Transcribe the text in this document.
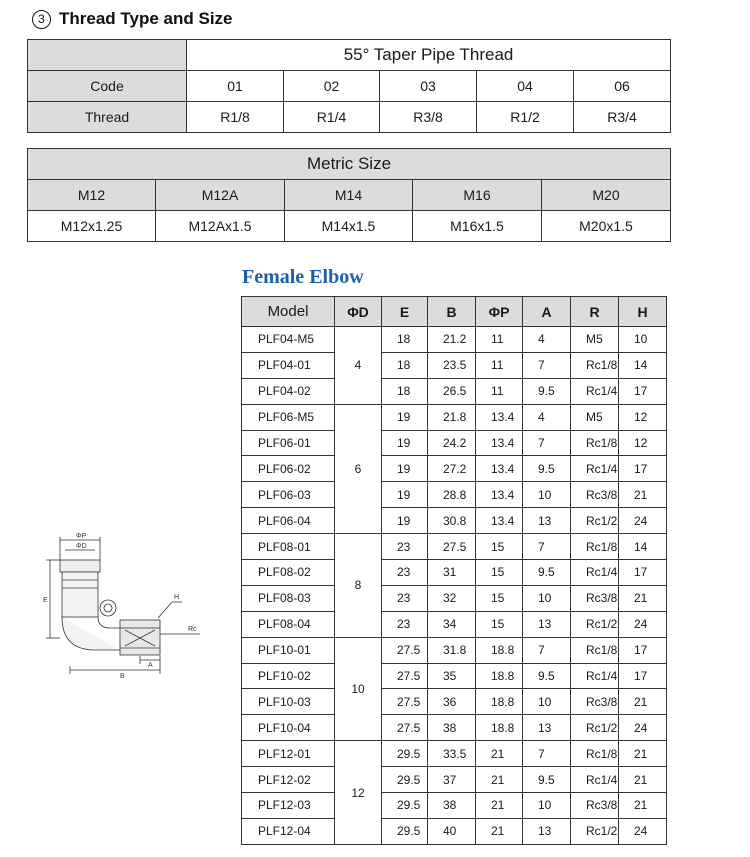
3 Thread Type and Size
	55° Taper Pipe Thread				
Code	01	02	03	04	06
Thread	R1/8	R1/4	R3/8	R1/2	R3/4
Metric Size				
M12	M12A	M14	M16	M20
M12x1.25	M12Ax1.5	M14x1.5	M16x1.5	M20x1.5
Female Elbow
Model	ΦD	E	B	ΦP	A	R	H
PLF04-M5	4	18	21.2	11	4	M5	10
PLF04-01		18	23.5	11	7	Rc1/8	14
PLF04-02		18	26.5	11	9.5	Rc1/4	17
PLF06-M5	6	19	21.8	13.4	4	M5	12
PLF06-01		19	24.2	13.4	7	Rc1/8	12
PLF06-02		19	27.2	13.4	9.5	Rc1/4	17
PLF06-03		19	28.8	13.4	10	Rc3/8	21
PLF06-04		19	30.8	13.4	13	Rc1/2	24
PLF08-01	8	23	27.5	15	7	Rc1/8	14
PLF08-02		23	31	15	9.5	Rc1/4	17
PLF08-03		23	32	15	10	Rc3/8	21
PLF08-04		23	34	15	13	Rc1/2	24
PLF10-01	10	27.5	31.8	18.8	7	Rc1/8	17
PLF10-02		27.5	35	18.8	9.5	Rc1/4	17
PLF10-03		27.5	36	18.8	10	Rc3/8	21
PLF10-04		27.5	38	18.8	13	Rc1/2	24
PLF12-01	12	29.5	33.5	21	7	Rc1/8	21
PLF12-02		29.5	37	21	9.5	Rc1/4	21
PLF12-03		29.5	38	21	10	Rc3/8	21
PLF12-04		29.5	40	21	13	Rc1/2	24
ΦP
ΦD
E	H
Rc
A
B
